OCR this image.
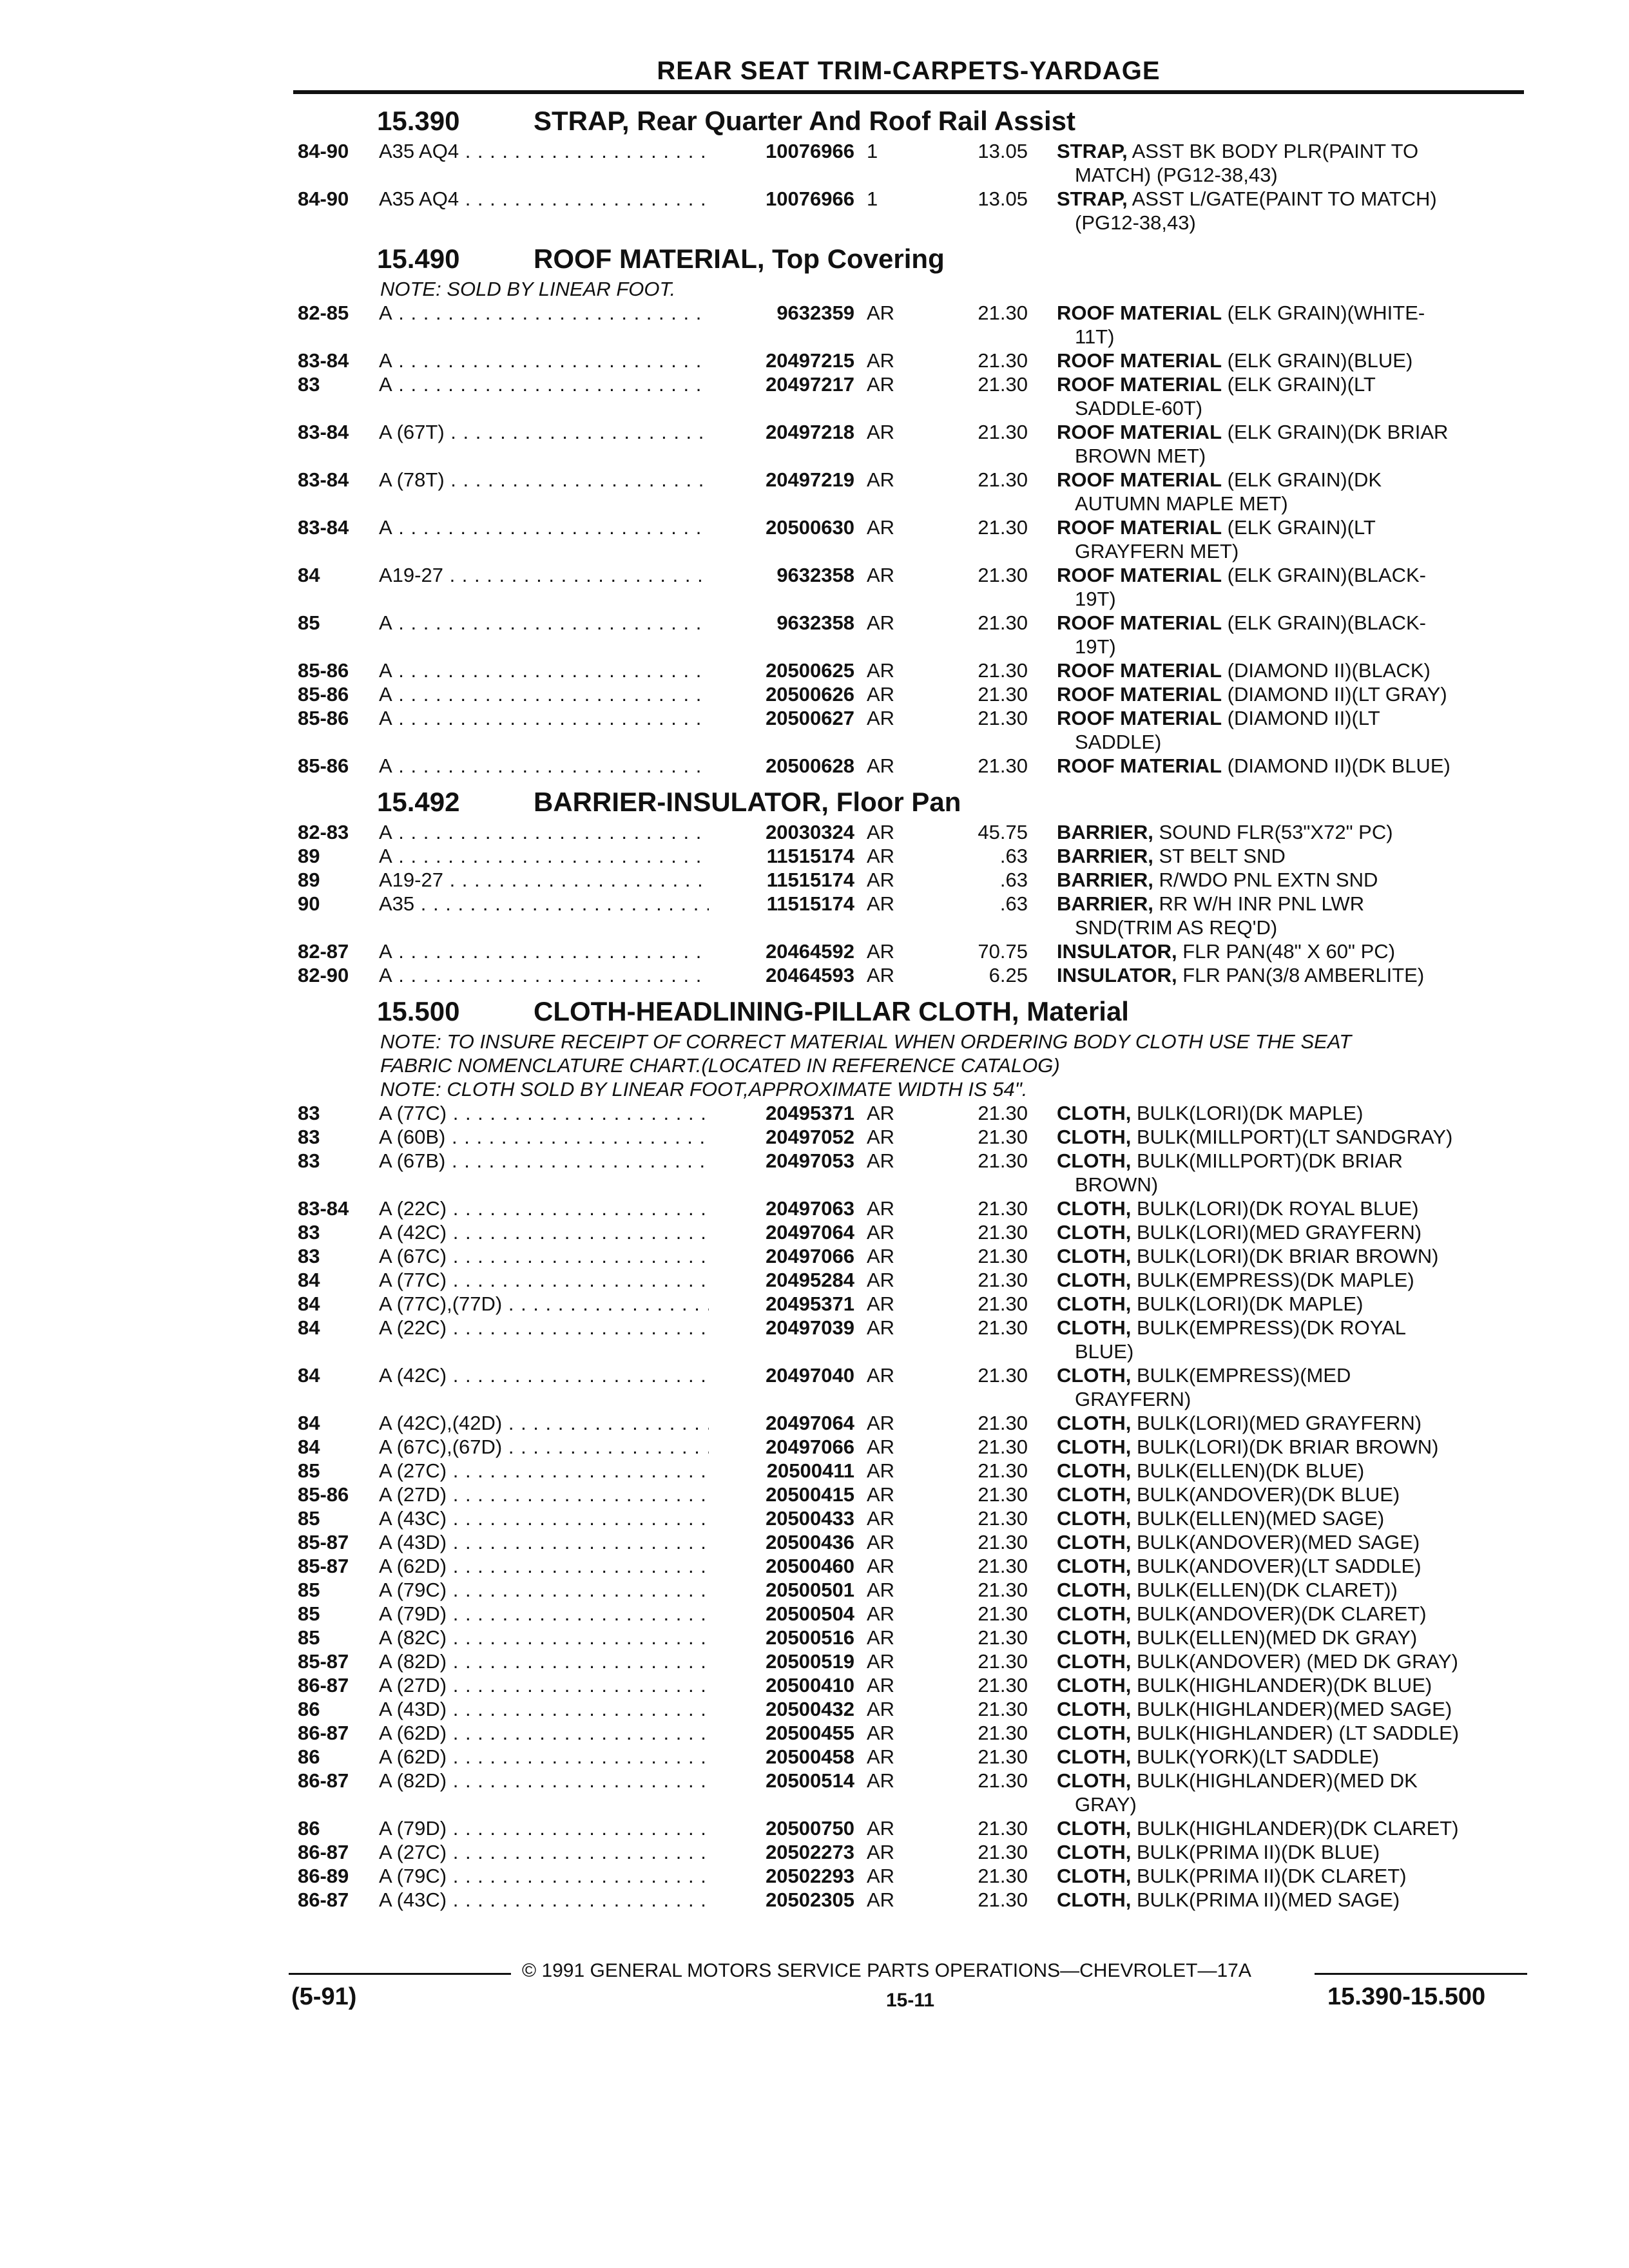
REAR SEAT TRIM-CARPETS-YARDAGE
15.390	STRAP, Rear Quarter And Roof Rail Assist
84-90 A35 AQ4 . . .	10076966 1	13.05 STRAP, ASST BK BODY PLR(PAINT TO
MATCH) (PG12-38,43)
84-90 A35 AQ4 . . .	10076966 1	13.05 STRAP, ASST L/GATE(PAINT TO MATCH)
(PG12-38,43)
15.490	ROOF MATERIAL, Top Covering
NOTE: SOLD BY LINEAR FOOT.
82-85 A . . .	9632359 AR	21.30 ROOF MATERIAL (ELK GRAIN)(WHITE-
11T)
83-84 A . . .	20497215 AR	21.30 ROOF MATERIAL (ELK GRAIN)(BLUE)
83	A . . .	20497217 AR	21.30 ROOF MATERIAL (ELK GRAIN)(LT
SADDLE-60T)
83-84 A (67T) . . .	20497218 AR	21.30 ROOF MATERIAL (ELK GRAIN)(DK BRIAR
BROWN MET)
83-84 A (78T) . . .	20497219 AR	21.30 ROOF MATERIAL (ELK GRAIN)(DK
AUTUMN MAPLE MET)
83-84 A . . .	20500630 AR	21.30 ROOF MATERIAL (ELK GRAIN)(LT
GRAYFERN MET)
84	A19-27 . . .	9632358 AR	21.30 ROOF MATERIAL (ELK GRAIN)(BLACK-
19T)
85	A . . .	9632358 AR	21.30 ROOF MATERIAL (ELK GRAIN)(BLACK-
19T)
85-86 A . . .	20500625 AR	21.30 ROOF MATERIAL (DIAMOND II)(BLACK)
85-86 A . . .	20500626 AR	21.30 ROOF MATERIAL (DIAMOND II)(LT GRAY)
85-86 A . . .	20500627 AR	21.30 ROOF MATERIAL (DIAMOND II)(LT
SADDLE)
85-86 A . . .	20500628 AR	21.30 ROOF MATERIAL (DIAMOND II)(DK BLUE)
15.492	BARRIER-INSULATOR, Floor Pan
82-83 A . . .	20030324 AR	45.75 BARRIER, SOUND FLR(53"X72" PC)
89	A . . .	11515174 AR	.63 BARRIER, ST BELT SND
89	A19-27 . . .	11515174 AR	.63 BARRIER, R/WDO PNL EXTN SND
90	A35 . . .	11515174 AR	.63 BARRIER, RR W/H INR PNL LWR
SND(TRIM AS REQ'D)
82-87 A . . .	20464592 AR	70.75 INSULATOR, FLR PAN(48" X 60" PC)
82-90 A . . .	20464593 AR	6.25 INSULATOR, FLR PAN(3/8 AMBERLITE)
15.500	CLOTH-HEADLINING-PILLAR CLOTH, Material
NOTE: TO INSURE RECEIPT OF CORRECT MATERIAL WHEN ORDERING BODY CLOTH USE THE SEAT
FABRIC NOMENCLATURE CHART.(LOCATED IN REFERENCE CATALOG)
NOTE: CLOTH SOLD BY LINEAR FOOT,APPROXIMATE WIDTH IS 54".
83	A (77C) . . .	20495371 AR	21.30 CLOTH, BULK(LORI)(DK MAPLE)
83	A (60B) . . .	20497052 AR	21.30 CLOTH, BULK(MILLPORT)(LT SANDGRAY)
83	A (67B) . . .	20497053 AR	21.30 CLOTH, BULK(MILLPORT)(DK BRIAR
BROWN)
83-84 A (22C) . . .	20497063 AR	21.30 CLOTH, BULK(LORI)(DK ROYAL BLUE)
83	A (42C) . . .	20497064 AR	21.30 CLOTH, BULK(LORI)(MED GRAYFERN)
83	A (67C) . . .	20497066 AR	21.30 CLOTH, BULK(LORI)(DK BRIAR BROWN)
84	A (77C) . . .	20495284 AR	21.30 CLOTH, BULK(EMPRESS)(DK MAPLE)
84	A (77C),(77D) . . .	20495371 AR	21.30 CLOTH, BULK(LORI)(DK MAPLE)
84	A (22C) . . .	20497039 AR	21.30 CLOTH, BULK(EMPRESS)(DK ROYAL
BLUE)
84	A (42C) . . .	20497040 AR	21.30 CLOTH, BULK(EMPRESS)(MED
GRAYFERN)
84	A (42C),(42D) . . .	20497064 AR	21.30 CLOTH, BULK(LORI)(MED GRAYFERN)
84	A (67C),(67D) . . .	20497066 AR	21.30 CLOTH, BULK(LORI)(DK BRIAR BROWN)
85	A (27C) . . .	20500411 AR	21.30 CLOTH, BULK(ELLEN)(DK BLUE)
85-86 A (27D) . . .	20500415 AR	21.30 CLOTH, BULK(ANDOVER)(DK BLUE)
85	A (43C) . . .	20500433 AR	21.30 CLOTH, BULK(ELLEN)(MED SAGE)
85-87 A (43D) . . .	20500436 AR	21.30 CLOTH, BULK(ANDOVER)(MED SAGE)
85-87 A (62D) . . .	20500460 AR	21.30 CLOTH, BULK(ANDOVER)(LT SADDLE)
85	A (79C) . . .	20500501 AR	21.30 CLOTH, BULK(ELLEN)(DK CLARET))
85	A (79D) . . .	20500504 AR	21.30 CLOTH, BULK(ANDOVER)(DK CLARET)
85	A (82C) . . .	20500516 AR	21.30 CLOTH, BULK(ELLEN)(MED DK GRAY)
85-87 A (82D) . . .	20500519 AR	21.30 CLOTH, BULK(ANDOVER) (MED DK GRAY)
86-87 A (27D) . . .	20500410 AR	21.30 CLOTH, BULK(HIGHLANDER)(DK BLUE)
86	A (43D) . . .	20500432 AR	21.30 CLOTH, BULK(HIGHLANDER)(MED SAGE)
86-87 A (62D) . . .	20500455 AR	21.30 CLOTH, BULK(HIGHLANDER) (LT SADDLE)
86	A (62D) . . .	20500458 AR	21.30 CLOTH, BULK(YORK)(LT SADDLE)
86-87 A (82D) . . .	20500514 AR	21.30 CLOTH, BULK(HIGHLANDER)(MED DK
GRAY)
86	A (79D) . . .	20500750 AR	21.30 CLOTH, BULK(HIGHLANDER)(DK CLARET)
86-87 A (27C) . . .	20502273 AR	21.30 CLOTH, BULK(PRIMA II)(DK BLUE)
86-89 A (79C) . . .	20502293 AR	21.30 CLOTH, BULK(PRIMA II)(DK CLARET)
86-87 A (43C) . . .	20502305 AR	21.30 CLOTH, BULK(PRIMA II)(MED SAGE)
© 1991 GENERAL MOTORS SERVICE PARTS OPERATIONS—CHEVROLET—17A
(5-91)	15-11	15.390-15.500
